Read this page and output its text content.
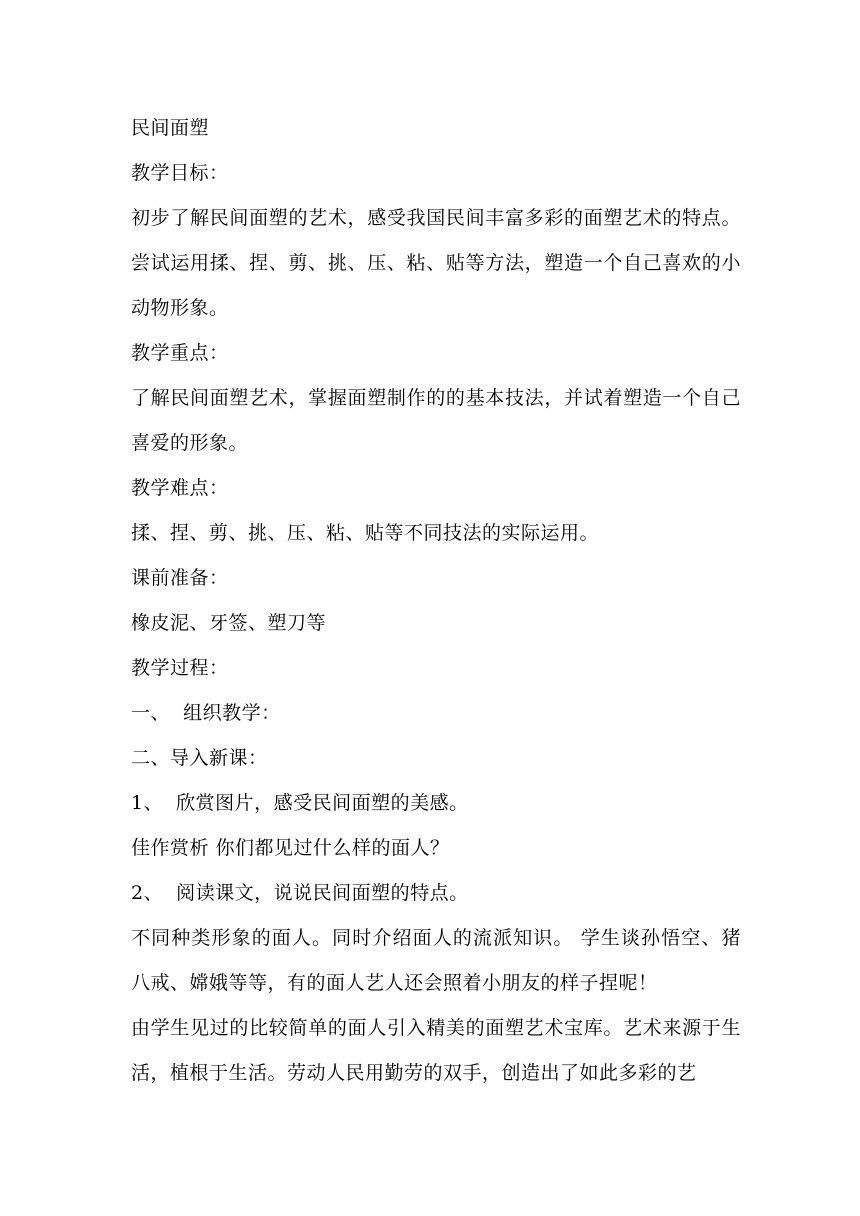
民间面塑
教学目标：
初步了解民间面塑的艺术，感受我国民间丰富多彩的面塑艺术的特点。尝试运用揉、捏、剪、挑、压、粘、贴等方法，塑造一个自己喜欢的小动物形象。
教学重点：
了解民间面塑艺术，掌握面塑制作的的基本技法，并试着塑造一个自己喜爱的形象。
教学难点：
揉、捏、剪、挑、压、粘、贴等不同技法的实际运用。
课前准备：
橡皮泥、牙签、塑刀等
教学过程：
一、  组织教学：
二、导入新课：
1、  欣赏图片，感受民间面塑的美感。
佳作赏析 你们都见过什么样的面人？
2、  阅读课文，说说民间面塑的特点。
不同种类形象的面人。同时介绍面人的流派知识。 学生谈孙悟空、猪八戒、嫦娥等等，有的面人艺人还会照着小朋友的样子捏呢！
由学生见过的比较简单的面人引入精美的面塑艺术宝库。艺术来源于生活，植根于生活。劳动人民用勤劳的双手，创造出了如此多彩的艺
